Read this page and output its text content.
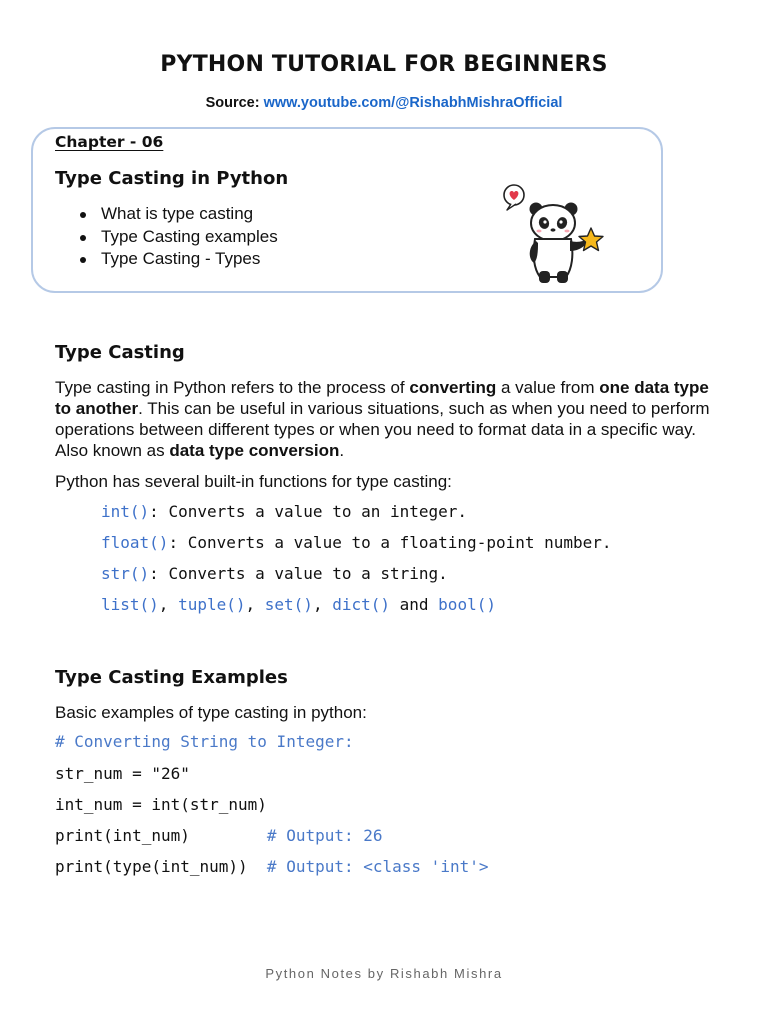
PYTHON TUTORIAL FOR BEGINNERS
Source: www.youtube.com/@RishabhMishraOfficial
Chapter - 06
Type Casting in Python
What is type casting
Type Casting examples
Type Casting - Types
Type Casting
Type casting in Python refers to the process of converting a value from one data type to another. This can be useful in various situations, such as when you need to perform operations between different types or when you need to format data in a specific way. Also known as data type conversion.
Python has several built-in functions for type casting:
int(): Converts a value to an integer.
float(): Converts a value to a floating-point number.
str(): Converts a value to a string.
list(), tuple(), set(), dict() and bool()
Type Casting Examples
Basic examples of type casting in python:
# Converting String to Integer:
str_num = "26"
int_num = int(str_num)
print(int_num)        # Output: 26
print(type(int_num))  # Output: <class 'int'>
Python Notes by Rishabh Mishra
